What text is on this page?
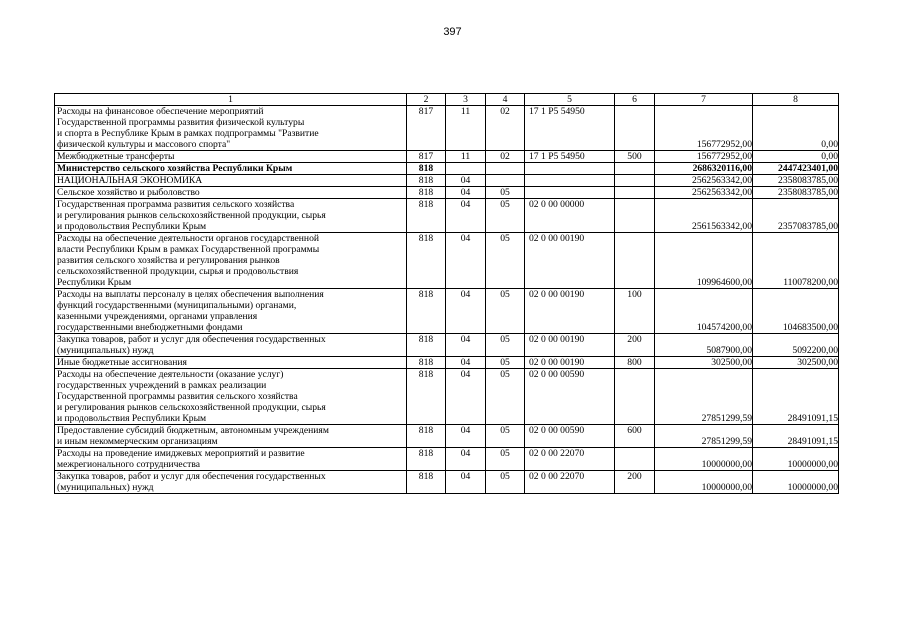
397
1	2	3	4	5	6	7	8

Расходы на финансовое обеспечение мероприятий
Государственной программы развития физической культуры
и спорта в Республике Крым в рамках подпрограммы "Развитие
физической культуры и массового спорта"	817	11	02	17 1 P5 54950		156772952,00	0,00

Межбюджетные трансферты	817	11	02	17 1 P5 54950	500	156772952,00	0,00

Министерство сельского хозяйства Республики Крым	818					2686320116,00	2447423401,00

НАЦИОНАЛЬНАЯ ЭКОНОМИКА	818	04				2562563342,00	2358083785,00

Сельское хозяйство и рыболовство	818	04	05			2562563342,00	2358083785,00

Государственная программа развития сельского хозяйства
и регулирования рынков сельскохозяйственной продукции, сырья
и продовольствия Республики Крым	818	04	05	02 0 00 00000		2561563342,00	2357083785,00

Расходы на обеспечение деятельности органов государственной
власти Республики Крым в рамках Государственной программы
развития сельского хозяйства и регулирования рынков
сельскохозяйственной продукции, сырья и продовольствия
Республики Крым	818	04	05	02 0 00 00190		109964600,00	110078200,00

Расходы на выплаты персоналу в целях обеспечения выполнения
функций государственными (муниципальными) органами,
казенными учреждениями, органами управления
государственными внебюджетными фондами	818	04	05	02 0 00 00190	100	104574200,00	104683500,00

Закупка товаров, работ и услуг для обеспечения государственных
(муниципальных) нужд	818	04	05	02 0 00 00190	200	5087900,00	5092200,00

Иные бюджетные ассигнования	818	04	05	02 0 00 00190	800	302500,00	302500,00

Расходы на обеспечение деятельности (оказание услуг)
государственных учреждений в рамках реализации
Государственной программы развития сельского хозяйства
и регулирования рынков сельскохозяйственной продукции, сырья
и продовольствия Республики Крым	818	04	05	02 0 00 00590		27851299,59	28491091,15

Предоставление субсидий бюджетным, автономным учреждениям
и иным некоммерческим организациям	818	04	05	02 0 00 00590	600	27851299,59	28491091,15

Расходы на проведение имиджевых мероприятий и развитие
межрегионального сотрудничества	818	04	05	02 0 00 22070		10000000,00	10000000,00

Закупка товаров, работ и услуг для обеспечения государственных
(муниципальных) нужд	818	04	05	02 0 00 22070	200	10000000,00	10000000,00
